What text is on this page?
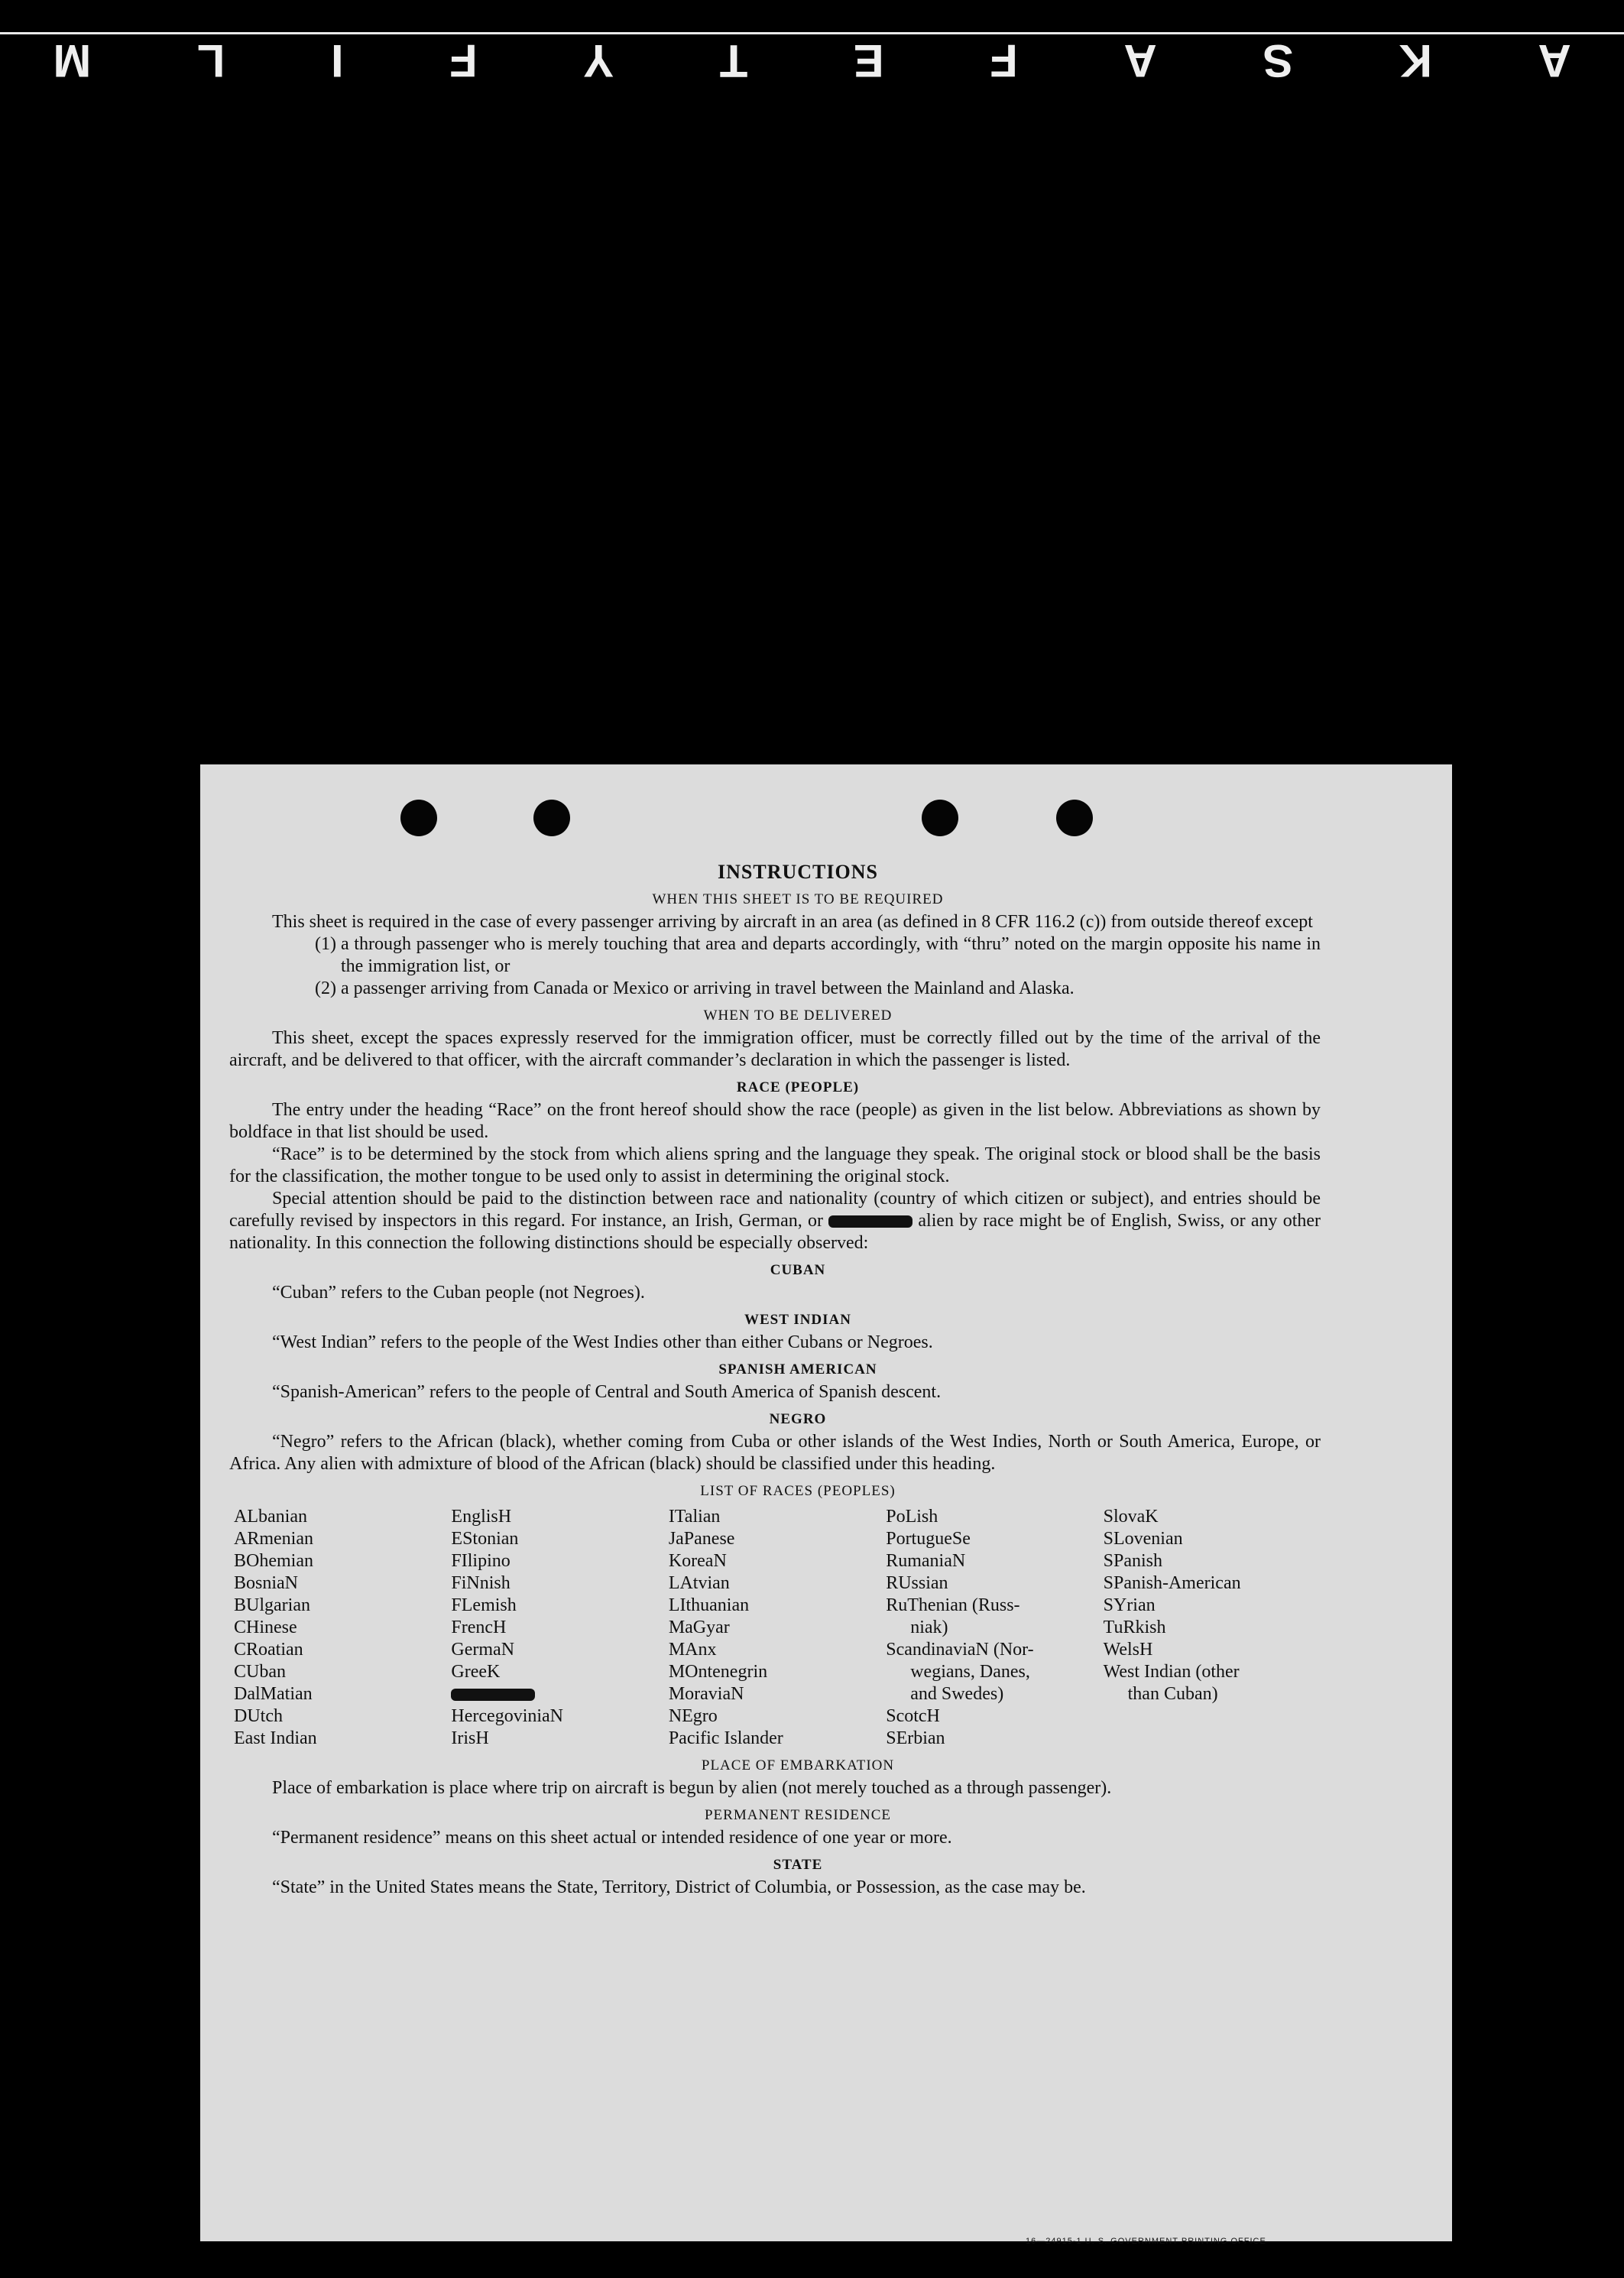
A
K
S
A
F
E
T
Y
F
I
L
M
INSTRUCTIONS
WHEN THIS SHEET IS TO BE REQUIRED

This sheet is required in the case of every passenger arriving by aircraft in an area (as defined in 8 CFR 116.2 (c)) from outside thereof except

(1) a through passenger who is merely touching that area and departs accordingly, with “thru” noted on the margin opposite his name in the immigration list, or
(2) a passenger arriving from Canada or Mexico or arriving in travel between the Mainland and Alaska.
WHEN TO BE DELIVERED

This sheet, except the spaces expressly reserved for the immigration officer, must be correctly filled out by the time of the arrival of the aircraft, and be delivered to that officer, with the aircraft commander’s declaration in which the passenger is listed.

RACE (PEOPLE)

The entry under the heading “Race” on the front hereof should show the race (people) as given in the list below. Abbreviations as shown by boldface in that list should be used.

“Race” is to be determined by the stock from which aliens spring and the language they speak. The original stock or blood shall be the basis for the classification, the mother tongue to be used only to assist in determining the original stock.

Special attention should be paid to the distinction between race and nationality (country of which citizen or subject), and entries should be carefully revised by inspectors in this regard. For instance, an Irish, German, or	alien by race might be of English, Swiss, or any other nationality. In this connection the following distinctions should be especially observed:

CUBAN

“Cuban” refers to the Cuban people (not Negroes).

WEST INDIAN

“West Indian” refers to the people of the West Indies other than either Cubans or Negroes.

SPANISH AMERICAN

“Spanish-American” refers to the people of Central and South America of Spanish descent.

NEGRO

“Negro” refers to the African (black), whether coming from Cuba or other islands of the West Indies, North or South America, Europe, or Africa. Any alien with admixture of blood of the African (black) should be classified under this heading.

LIST OF RACES (PEOPLES)
ALbanian
ARmenian
BOhemian
BosniaN
BUlgarian
CHinese
CRoatian
CUban
DalMatian
DUtch
East Indian
EnglisH
EStonian
FIlipino
FiNnish
FLemish
FrencH
GermaN
GreeK
HercegoviniaN
IrisH
ITalian
JaPanese
KoreaN
LAtvian
LIthuanian
MaGyar
MAnx
MOntenegrin
MoraviaN
NEgro
Pacific Islander
PoLish
PortugueSe
RumaniaN
RUssian
RuThenian (Russ-
niak)
ScandinaviaN (Nor-
wegians, Danes,
and Swedes)
ScotcH
SErbian
SlovaK
SLovenian
SPanish
SPanish-American
SYrian
TuRkish
WelsH
West Indian (other
than Cuban)
PLACE OF EMBARKATION

Place of embarkation is place where trip on aircraft is begun by alien (not merely touched as a through passenger).

PERMANENT RESIDENCE

“Permanent residence” means on this sheet actual or intended residence of one year or more.

STATE

“State” in the United States means the State, Territory, District of Columbia, or Possession, as the case may be.

16—24915-1 U. S. GOVERNMENT PRINTING OFFICE
